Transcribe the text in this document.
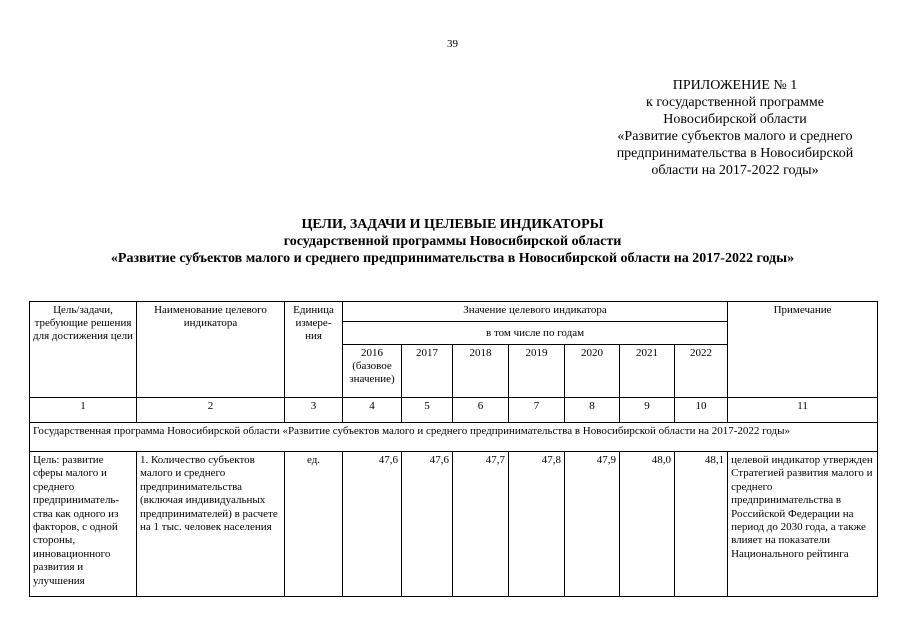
39
ПРИЛОЖЕНИЕ № 1
к государственной программе
Новосибирской области
«Развитие субъектов малого и среднего
предпринимательства в Новосибирской
области на 2017-2022 годы»
ЦЕЛИ, ЗАДАЧИ И ЦЕЛЕВЫЕ ИНДИКАТОРЫ
государственной программы Новосибирской области
«Развитие субъектов малого и среднего предпринимательства в Новосибирской области на 2017-2022 годы»
Цель/задачи, требующие решения для достижения цели	Наименование целевого индикатора	Единица измере-ния	Значение целевого индикатора							Примечание
			в том числе по годам							
			2016 (базовое значение)	2017	2018	2019	2020	2021	2022	
1	2	3	4	5	6	7	8	9	10	11
Государственная программа Новосибирской области «Развитие субъектов малого и среднего предпринимательства в Новосибирской области на 2017-2022 годы»										
Цель: развитие сферы малого и среднего предприниматель-ства как одного из факторов, с одной стороны, инновационного развития и улучшения	1. Количество субъектов малого и среднего предпринимательства (включая индивидуальных предпринимателей) в расчете на 1 тыс. человек населения	ед.	47,6	47,6	47,7	47,8	47,9	48,0	48,1	целевой индикатор утвержден Стратегией развития малого и среднего предпринимательства в Российской Федерации на период до 2030 года, а также влияет на показатели Национального рейтинга
